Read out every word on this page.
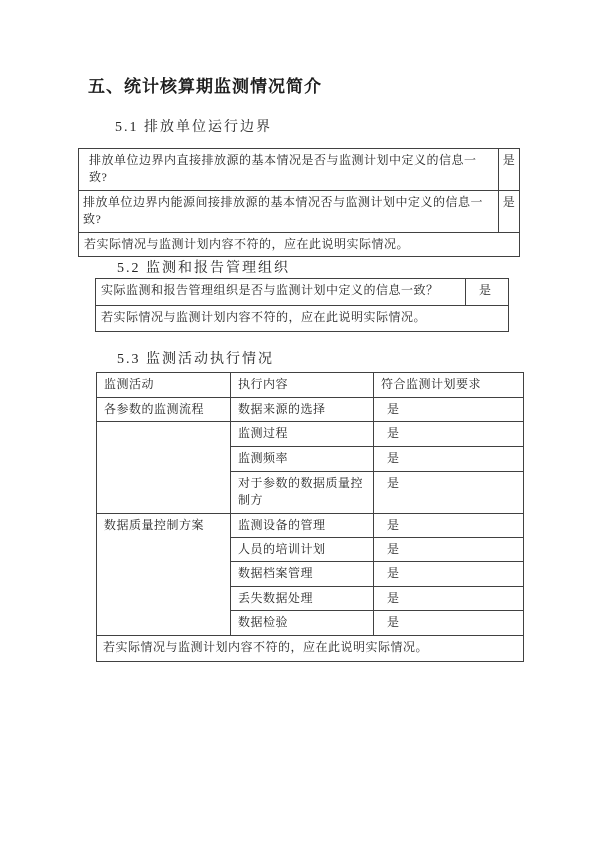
五、统计核算期监测情况简介
5.1 排放单位运行边界
排放单位边界内直接排放源的基本情况是否与监测计划中定义的信息一致?	是
排放单位边界内能源间接排放源的基本情况否与监测计划中定义的信息一致?	是
若实际情况与监测计划内容不符的，应在此说明实际情况。	
5.2 监测和报告管理组织
实际监测和报告管理组织是否与监测计划中定义的信息一致？	是
若实际情况与监测计划内容不符的，应在此说明实际情况。
5.3 监测活动执行情况
监测活动	执行内容	符合监测计划要求
各参数的监测流程	数据来源的选择	是
	监测过程	是
	监测频率	是
	对于参数的数据质量控制方	是
数据质量控制方案	监测设备的管理	是
	人员的培训计划	是
	数据档案管理	是
	丢失数据处理	是
	数据检验	是
若实际情况与监测计划内容不符的，应在此说明实际情况。		
